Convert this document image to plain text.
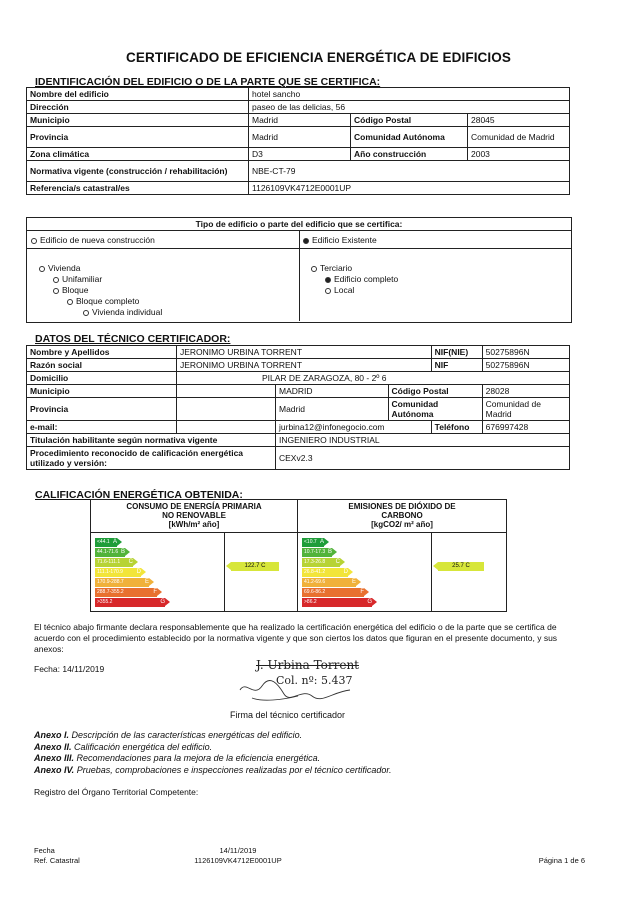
CERTIFICADO DE EFICIENCIA ENERGÉTICA DE EDIFICIOS
IDENTIFICACIÓN DEL EDIFICIO O DE LA PARTE QUE SE CERTIFICA:
Nombre del edificio	hotel sancho		
Dirección	paseo de las delicias, 56		
Municipio	Madrid	Código Postal	28045
Provincia	Madrid	Comunidad Autónoma	Comunidad de Madrid
Zona climática	D3	Año construcción	2003
Normativa vigente (construcción / rehabilitación)	NBE-CT-79		
Referencia/s catastral/es	1126109VK4712E0001UP		
Tipo de edificio o parte del edificio que se certifica:
Edificio de nueva construcción	Edificio Existente
Vivienda
Unifamiliar
Bloque
Bloque completo
Vivienda individual
Terciario
Edificio completo
Local
DATOS DEL TÉCNICO CERTIFICADOR:
Nombre y Apellidos	JERONIMO URBINA TORRENT			NIF(NIE)	50275896N
Razón social	JERONIMO URBINA TORRENT			NIF	50275896N
Domicilio	PILAR DE ZARAGOZA, 80 - 2º 6				
Municipio		MADRID	Código Postal		28028
Provincia		Madrid	Comunidad Autónoma		Comunidad de Madrid
e-mail:		jurbina12@infonegocio.com		Teléfono	676997428
Titulación habilitante según normativa vigente		INGENIERO INDUSTRIAL			
Procedimiento reconocido de calificación energética utilizado y versión:		CEXv2.3			
CALIFICACIÓN ENERGÉTICA OBTENIDA:
CONSUMO DE ENERGÍA PRIMARIA NO RENOVABLE
[kWh/m² año]
EMISIONES DE DIÓXIDO DE CARBONO
[kgCO2/ m² año]
<44.1 A
44.1-71.6 B
71.6-111.1 C
111.1-170.9 D
170.9-288.7	E
288.7-355.2	F
>355.2	G
<10.7 A
10.7-17.3 B
17.3-26.8 C
26.8-41.2	D
41.2-69.6	E
69.6-86.2	F
>86.2	G
122.7 C	25.7 C
El técnico abajo firmante declara responsablemente que ha realizado la certificación energética del edificio o de la parte que se certifica de acuerdo con el procedimiento establecido por la normativa vigente y que son ciertos los datos que figuran en el presente documento, y sus anexos:
Fecha: 14/11/2019	J. Urbina Torrent
Col. nº: 5.437
Firma del técnico certificador
Anexo I. Descripción de las características energéticas del edificio.
Anexo II. Calificación energética del edificio.
Anexo III. Recomendaciones para la mejora de la eficiencia energética.
Anexo IV. Pruebas, comprobaciones e inspecciones realizadas por el técnico certificador.
Registro del Órgano Territorial Competente:
Fecha
Ref. Catastral
14/11/2019
1126109VK4712E0001UP	Página 1 de 6
